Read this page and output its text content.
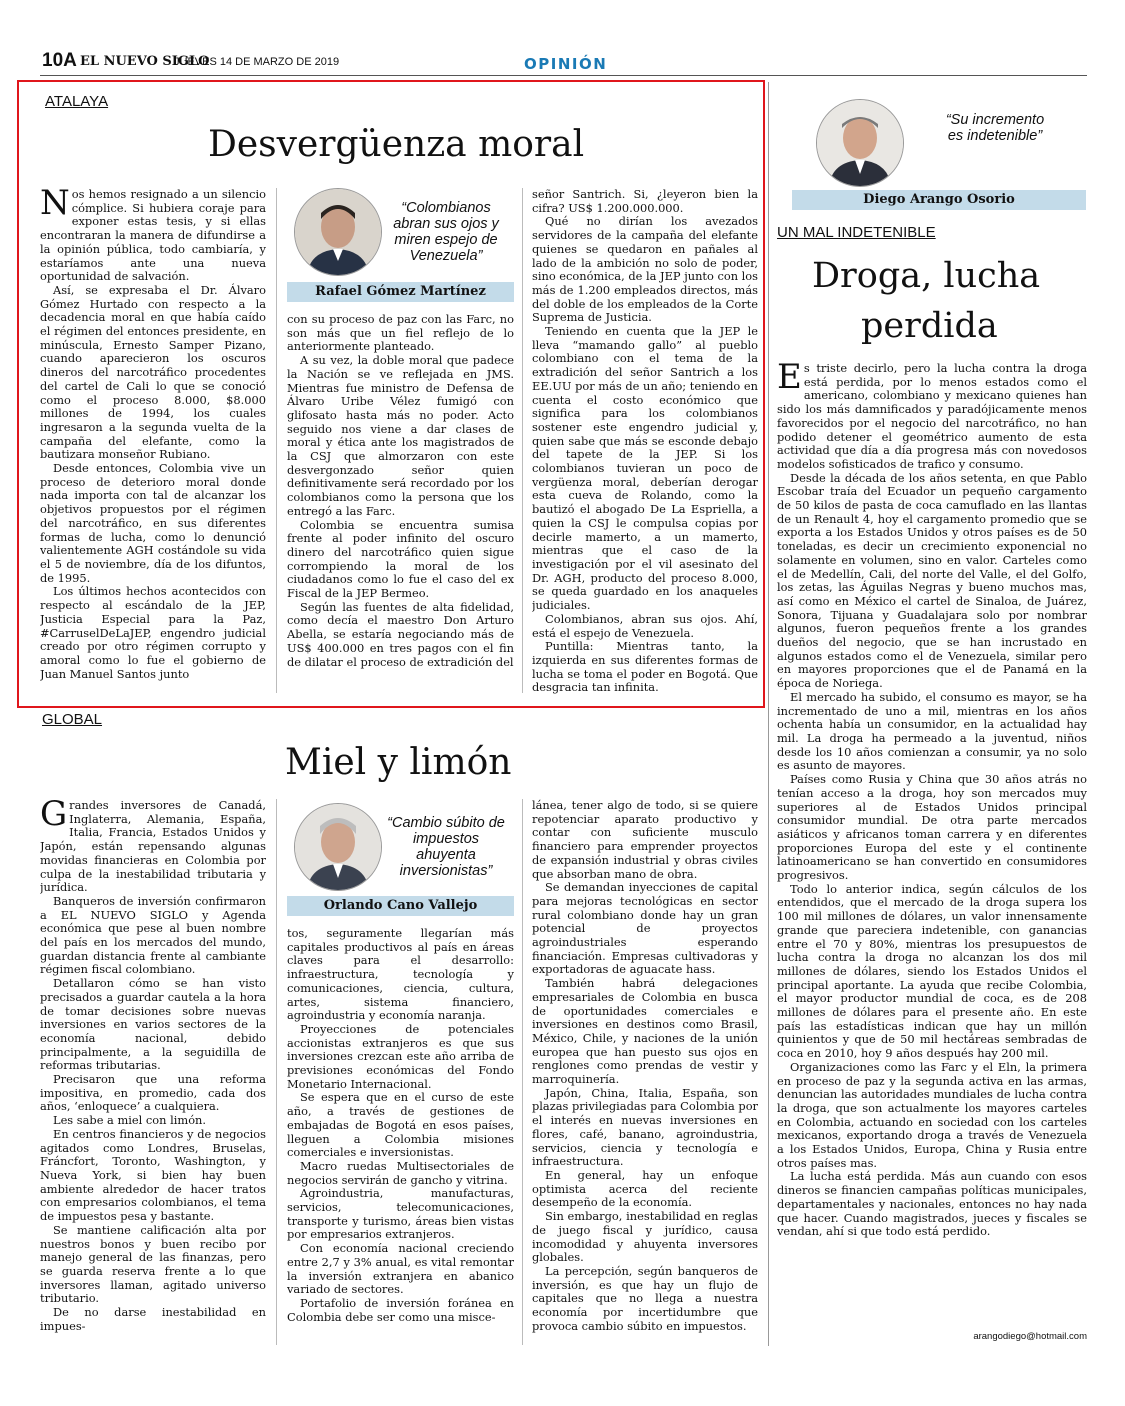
10A EL NUEVO SIGLO
JUEVES 14 DE MARZO DE 2019	OPINIÓN
ATALAYA
Desvergüenza moral

Nos hemos resignado a un silencio cómplice. Si hubiera coraje para exponer estas tesis, y si ellas encontraran la manera de difundirse a la opinión pública, todo cambiaría, y estaríamos ante una nueva oportunidad de salvación.

Así, se expresaba el Dr. Álvaro Gómez Hurtado con respecto a la decadencia moral en que había caído el régimen del entonces presidente, en minúscula, Ernesto Samper Pizano, cuando aparecieron los oscuros dineros del narcotráfico procedentes del cartel de Cali lo que se conoció como el proceso 8.000, $8.000 millones de 1994, los cuales ingresaron a la segunda vuelta de la campaña del elefante, como la bautizara monseñor Rubiano.

Desde entonces, Colombia vive un proceso de deterioro moral donde nada importa con tal de alcanzar los objetivos propuestos por el régimen del narcotráfico, en sus diferentes formas de lucha, como lo denunció valientemente AGH costándole su vida el 5 de noviembre, día de los difuntos, de 1995.

Los últimos hechos acontecidos con respecto al escándalo de la JEP, Justicia Especial para la Paz, #CarruselDeLaJEP, engendro judicial creado por otro régimen corrupto y amoral como lo fue el gobierno de Juan Manuel Santos junto

“Colombianos abran sus ojos y miren espejo de Venezuela”
Rafael Gómez Martínez

con su proceso de paz con las Farc, no son más que un fiel reflejo de lo anteriormente planteado.

A su vez, la doble moral que padece la Nación se ve reflejada en JMS. Mientras fue ministro de Defensa de Álvaro Uribe Vélez fumigó con glifosato hasta más no poder. Acto seguido nos viene a dar clases de moral y ética ante los magistrados de la CSJ que almorzaron con este desvergonzado señor quien definitivamente será recordado por los colombianos como la persona que los entregó a las Farc.

Colombia se encuentra sumisa frente al poder infinito del oscuro dinero del narcotráfico quien sigue corrompiendo la moral de los ciudadanos como lo fue el caso del ex Fiscal de la JEP Bermeo.

Según las fuentes de alta fidelidad, como decía el maestro Don Arturo Abella, se estaría negociando más de US$ 400.000 en tres pagos con el fin de dilatar el proceso de extradición del

señor Santrich. Si, ¿leyeron bien la cifra? US$ 1.200.000.000.

Qué no dirían los avezados servidores de la campaña del elefante quienes se quedaron en pañales al lado de la ambición no solo de poder, sino económica, de la JEP junto con los más de 1.200 empleados directos, más del doble de los empleados de la Corte Suprema de Justicia.

Teniendo en cuenta que la JEP le lleva “mamando gallo” al pueblo colombiano con el tema de la extradición del señor Santrich a los EE.UU por más de un año; teniendo en cuenta el costo económico que significa para los colombianos sostener este engendro judicial y, quien sabe que más se esconde debajo del tapete de la JEP. Si los colombianos tuvieran un poco de vergüenza moral, deberían derogar esta cueva de Rolando, como la bautizó el abogado De La Espriella, a quien la CSJ le compulsa copias por decirle mamerto, a un mamerto, mientras que el caso de la investigación por el vil asesinato del Dr. AGH, producto del proceso 8.000, se queda guardado en los anaqueles judiciales.

Colombianos, abran sus ojos. Ahí, está el espejo de Venezuela.

Puntilla: Mientras tanto, la izquierda en sus diferentes formas de lucha se toma el poder en Bogotá. Que desgracia tan infinita.

GLOBAL
Miel y limón

Grandes inversores de Canadá, Inglaterra, Alemania, España, Italia, Francia, Estados Unidos y Japón, están repensando algunas movidas financieras en Colombia por culpa de la inestabilidad tributaria y jurídica.

Banqueros de inversión confirmaron a EL NUEVO SIGLO y Agenda económica que pese al buen nombre del país en los mercados del mundo, guardan distancia frente al cambiante régimen fiscal colombiano.

Detallaron cómo se han visto precisados a guardar cautela a la hora de tomar decisiones sobre nuevas inversiones en varios sectores de la economía nacional, debido principalmente, a la seguidilla de reformas tributarias.

Precisaron que una reforma impositiva, en promedio, cada dos años, ‘enloquece’ a cualquiera.

Les sabe a miel con limón.

En centros financieros y de negocios agitados como Londres, Bruselas, Fráncfort, Toronto, Washington, y Nueva York, si bien hay buen ambiente alrededor de hacer tratos con empresarios colombianos, el tema de impuestos pesa y bastante.

Se mantiene calificación alta por nuestros bonos y buen recibo por manejo general de las finanzas, pero se guarda reserva frente a lo que inversores llaman, agitado universo tributario.

De no darse inestabilidad en impues-

“Cambio súbito de impuestos ahuyenta inversionistas”
Orlando Cano Vallejo

tos, seguramente llegarían más capitales productivos al país en áreas claves para el desarrollo: infraestructura, tecnología y comunicaciones, ciencia, cultura, artes, sistema financiero, agroindustria y economía naranja.

Proyecciones de potenciales accionistas extranjeros es que sus inversiones crezcan este año arriba de previsiones económicas del Fondo Monetario Internacional.

Se espera que en el curso de este año, a través de gestiones de embajadas de Bogotá en esos países, lleguen a Colombia misiones comerciales e inversionistas.

Macro ruedas Multisectoriales de negocios servirán de gancho y vitrina.

Agroindustria, manufacturas, servicios, telecomunicaciones, transporte y turismo, áreas bien vistas por empresarios extranjeros.

Con economía nacional creciendo entre 2,7 y 3% anual, es vital remontar la inversión extranjera en abanico variado de sectores.

Portafolio de inversión foránea en Colombia debe ser como una misce-

lánea, tener algo de todo, si se quiere repotenciar aparato productivo y contar con suficiente musculo financiero para emprender proyectos de expansión industrial y obras civiles que absorban mano de obra.

Se demandan inyecciones de capital para mejoras tecnológicas en sector rural colombiano donde hay un gran potencial de proyectos agroindustriales esperando financiación. Empresas cultivadoras y exportadoras de aguacate hass.

También habrá delegaciones empresariales de Colombia en busca de oportunidades comerciales e inversiones en destinos como Brasil, México, Chile, y naciones de la unión europea que han puesto sus ojos en renglones como prendas de vestir y marroquinería.

Japón, China, Italia, España, son plazas privilegiadas para Colombia por el interés en nuevas inversiones en flores, café, banano, agroindustria, servicios, ciencia y tecnología e infraestructura.

En general, hay un enfoque optimista acerca del reciente desempeño de la economía.

Sin embargo, inestabilidad en reglas de juego fiscal y jurídico, causa incomodidad y ahuyenta inversores globales.

La percepción, según banqueros de inversión, es que hay un flujo de capitales que no llega a nuestra economía por incertidumbre que provoca cambio súbito en impuestos.

“Su incremento es indetenible”
Diego Arango Osorio
UN MAL INDETENIBLE
Droga, lucha
perdida

Es triste decirlo, pero la lucha contra la droga está perdida, por lo menos estados como el americano, colombiano y mexicano quienes han sido los más damnificados y paradójicamente menos favorecidos por el negocio del narcotráfico, no han podido detener el geométrico aumento de esta actividad que día a día progresa más con novedosos modelos sofisticados de trafico y consumo.

Desde la década de los años setenta, en que Pablo Escobar traía del Ecuador un pequeño cargamento de 50 kilos de pasta de coca camuflado en las llantas de un Renault 4, hoy el cargamento promedio que se exporta a los Estados Unidos y otros países es de 50 toneladas, es decir un crecimiento exponencial no solamente en volumen, sino en valor. Carteles como el de Medellín, Cali, del norte del Valle, el del Golfo, los zetas, las Águilas Negras y bueno muchos mas, así como en México el cartel de Sinaloa, de Juárez, Sonora, Tijuana y Guadalajara solo por nombrar algunos, fueron pequeños frente a los grandes dueños del negocio, que se han incrustado en algunos estados como el de Venezuela, similar pero en mayores proporciones que el de Panamá en la época de Noriega.

El mercado ha subido, el consumo es mayor, se ha incrementado de uno a mil, mientras en los años ochenta había un consumidor, en la actualidad hay mil. La droga ha permeado a la juventud, niños desde los 10 años comienzan a consumir, ya no solo es asunto de mayores.

Países como Rusia y China que 30 años atrás no tenían acceso a la droga, hoy son mercados muy superiores al de Estados Unidos principal consumidor mundial. De otra parte mercados asiáticos y africanos toman carrera y en diferentes proporciones Europa del este y el continente latinoamericano se han convertido en consumidores progresivos.

Todo lo anterior indica, según cálculos de los entendidos, que el mercado de la droga supera los 100 mil millones de dólares, un valor innensamente grande que pareciera indetenible, con ganancias entre el 70 y 80%, mientras los presupuestos de lucha contra la droga no alcanzan los dos mil millones de dólares, siendo los Estados Unidos el principal aportante. La ayuda que recibe Colombia, el mayor productor mundial de coca, es de 208 millones de dólares para el presente año. En este país las estadísticas indican que hay un millón quinientos y que de 50 mil hectáreas sembradas de coca en 2010, hoy 9 años después hay 200 mil.

Organizaciones como las Farc y el Eln, la primera en proceso de paz y la segunda activa en las armas, denuncian las autoridades mundiales de lucha contra la droga, que son actualmente los mayores carteles en Colombia, actuando en sociedad con los carteles mexicanos, exportando droga a través de Venezuela a los Estados Unidos, Europa, China y Rusia entre otros países mas.

La lucha está perdida. Más aun cuando con esos dineros se financien campañas políticas municipales, departamentales y nacionales, entonces no hay nada que hacer. Cuando magistrados, jueces y fiscales se vendan, ahí si que todo está perdido.

arangodiego@hotmail.com
